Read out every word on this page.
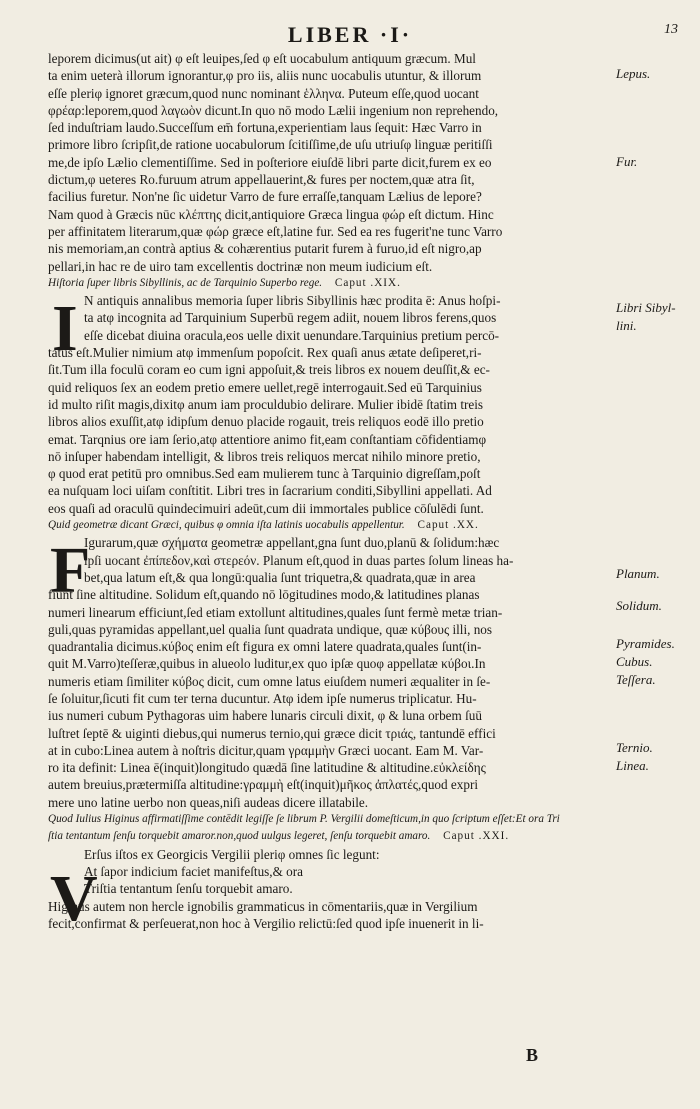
LIBER ·I·	13
leporem dicimus(ut ait) φ eſt leuipes,ſed φ eſt uocabulum antiquum græcum. Mul
ta enim ueterà illorum ignorantur,φ pro iis, aliis nunc uocabulis utuntur, & illorum
eſſe pleriφ ignoret græcum,quod nunc nominant ἑλληνα. Puteum eſſe,quod uocant
φρέαρ:leporem,quod λαγωὸν dicunt.In quo nō modo Lælii ingenium non reprehendo,
ſed induſtriam laudo.Succeſſum em̄ fortuna,experientiam laus ſequit: Hæc Varro in
primore libro ſcripſit,de ratione uocabulorum ſcitiſſime,de uſu utriuſφ linguæ peritiſſi
me,de ipſo Lælio clementiſſime. Sed in poſteriore eiuſdē libri parte dicit,furem ex eo
dictum,φ ueteres Ro.furuum atrum appellauerint,& fures per noctem,quæ atra ſit,
facilius furetur. Non'ne ſic uidetur Varro de fure erraſſe,tanquam Lælius de lepore?
Nam quod à Græcis nūc κλέπτης dicit,antiquiore Græca lingua φώρ eſt dictum. Hinc
per affinitatem literarum,quæ φώρ græce eſt,latine fur. Sed ea res fugerit'ne tunc Varro
nis memoriam,an contrà aptius & cohærentius putarit furem à furuo,id eſt nigro,ap
pellari,in hac re de uiro tam excellentis doctrinæ non meum iudicium eſt.
Hiſtoria ſuper libris Sibyllinis, ac de Tarquinio Superbo rege. Caput .XIX.
N antiquis annalibus memoria ſuper libris Sibyllinis hæc prodita ē: Anus hoſpi-
ta atφ incognita ad Tarquinium Superbū regem adiit, nouem libros ferens,quos
eſſe dicebat diuina oracula,eos uelle dixit uenundare.Tarquinius pretium percō-
tatus eſt.Mulier nimium atφ immenſum popoſcit. Rex quaſi anus ætate deſiperet,ri-
ſit.Tum illa foculū coram eo cum igni appoſuit,& treis libros ex nouem deuſſit,& ec-
quid reliquos ſex an eodem pretio emere uellet,regē interrogauit.Sed eū Tarquinius
id multo riſit magis,dixitφ anum iam proculdubio delirare. Mulier ibidē ſtatim treis
libros alios exuſſit,atφ idipſum denuo placide rogauit, treis reliquos eodē illo pretio
emat. Tarqnius ore iam ſerio,atφ attentiore animo fit,eam conſtantiam cōfidentiamφ
nō inſuper habendam intelligit, & libros treis reliquos mercat nihilo minore pretio,
φ quod erat petitū pro omnibus.Sed eam mulierem tunc à Tarquinio digreſſam,poſt
ea nuſquam loci uiſam conſtitit. Libri tres in ſacrarium conditi,Sibyllini appellati. Ad
eos quaſi ad oraculū quindecimuiri adeūt,cum dii immortales publice cōſulēdi ſunt.
Quid geometræ dicant Græci, quibus φ omnia iſta latinis uocabulis appellentur. Caput .XX.
Igurarum,quæ σχήματα geometræ appellant,gna ſunt duo,planū & ſolidum:hæc
ipſi uocant ἐπίπεδον,καὶ στερεόν. Planum eſt,quod in duas partes ſolum lineas ha-
bet,qua latum eſt,& qua longū:qualia ſunt triquetra,& quadrata,quæ in area
fiunt ſine altitudine. Solidum eſt,quando nō lōgitudines modo,& latitudines planas
numeri linearum efficiunt,ſed etiam extollunt altitudines,quales ſunt fermè metæ trian-
guli,quas pyramidas appellant,uel qualia ſunt quadrata undique, quæ κύβους illi, nos
quadrantalia dicimus.κύβος enim eſt figura ex omni latere quadrata,quales ſunt(in-
quit M.Varro)teſſeræ,quibus in alueolo luditur,ex quo ipſæ quoφ appellatæ κύβοι.In
numeris etiam ſimiliter κύβος dicit, cum omne latus eiuſdem numeri æqualiter in ſe-
ſe ſoluitur,ſicuti fit cum ter terna ducuntur. Atφ idem ipſe numerus triplicatur. Hu-
ius numeri cubum Pythagoras uim habere lunaris circuli dixit, φ & luna orbem ſuū
luſtret ſeptē & uiginti diebus,qui numerus ternio,qui græce dicit τριάς, tantundē effici
at in cubo:Linea autem à noſtris dicitur,quam γραμμὴν Græci uocant. Eam M. Var-
ro ita definit: Linea ē(inquit)longitudo quædā ſine latitudine & altitudine.εὐκλείδης
autem breuius,prætermiſſa altitudine:γραμμὴ eſt(inquit)μῆκος ἀπλατές,quod expri
mere uno latine uerbo non queas,niſi audeas dicere illatabile.
Quod Iulius Higinus affirmatiſſime contēdit legiſſe ſe librum P. Vergilii domeſticum,in quo ſcriptum eſſet:Et ora Tri
ſtia tentantum ſenſu torquebit amaror.non,quod uulgus legeret, ſenſu torquebit amaro. Caput .XXI.
Erſus iſtos ex Georgicis Vergilii pleriφ omnes ſic legunt:
At ſapor indicium faciet manifeſtus,& ora
Triſtia tentantum ſenſu torquebit amaro.
Higinus autem non hercle ignobilis grammaticus in cōmentariis,quæ in Vergilium
fecit,confirmat & perſeuerat,non hoc à Vergilio relictū:ſed quod ipſe inuenerit in li-
I
F
V
Lepus.
Fur.
Libri Sibyl-
lini.
Planum.
Solidum.
Pyramides.
Cubus.
Teſſera.
Ternio.
Linea.
B
